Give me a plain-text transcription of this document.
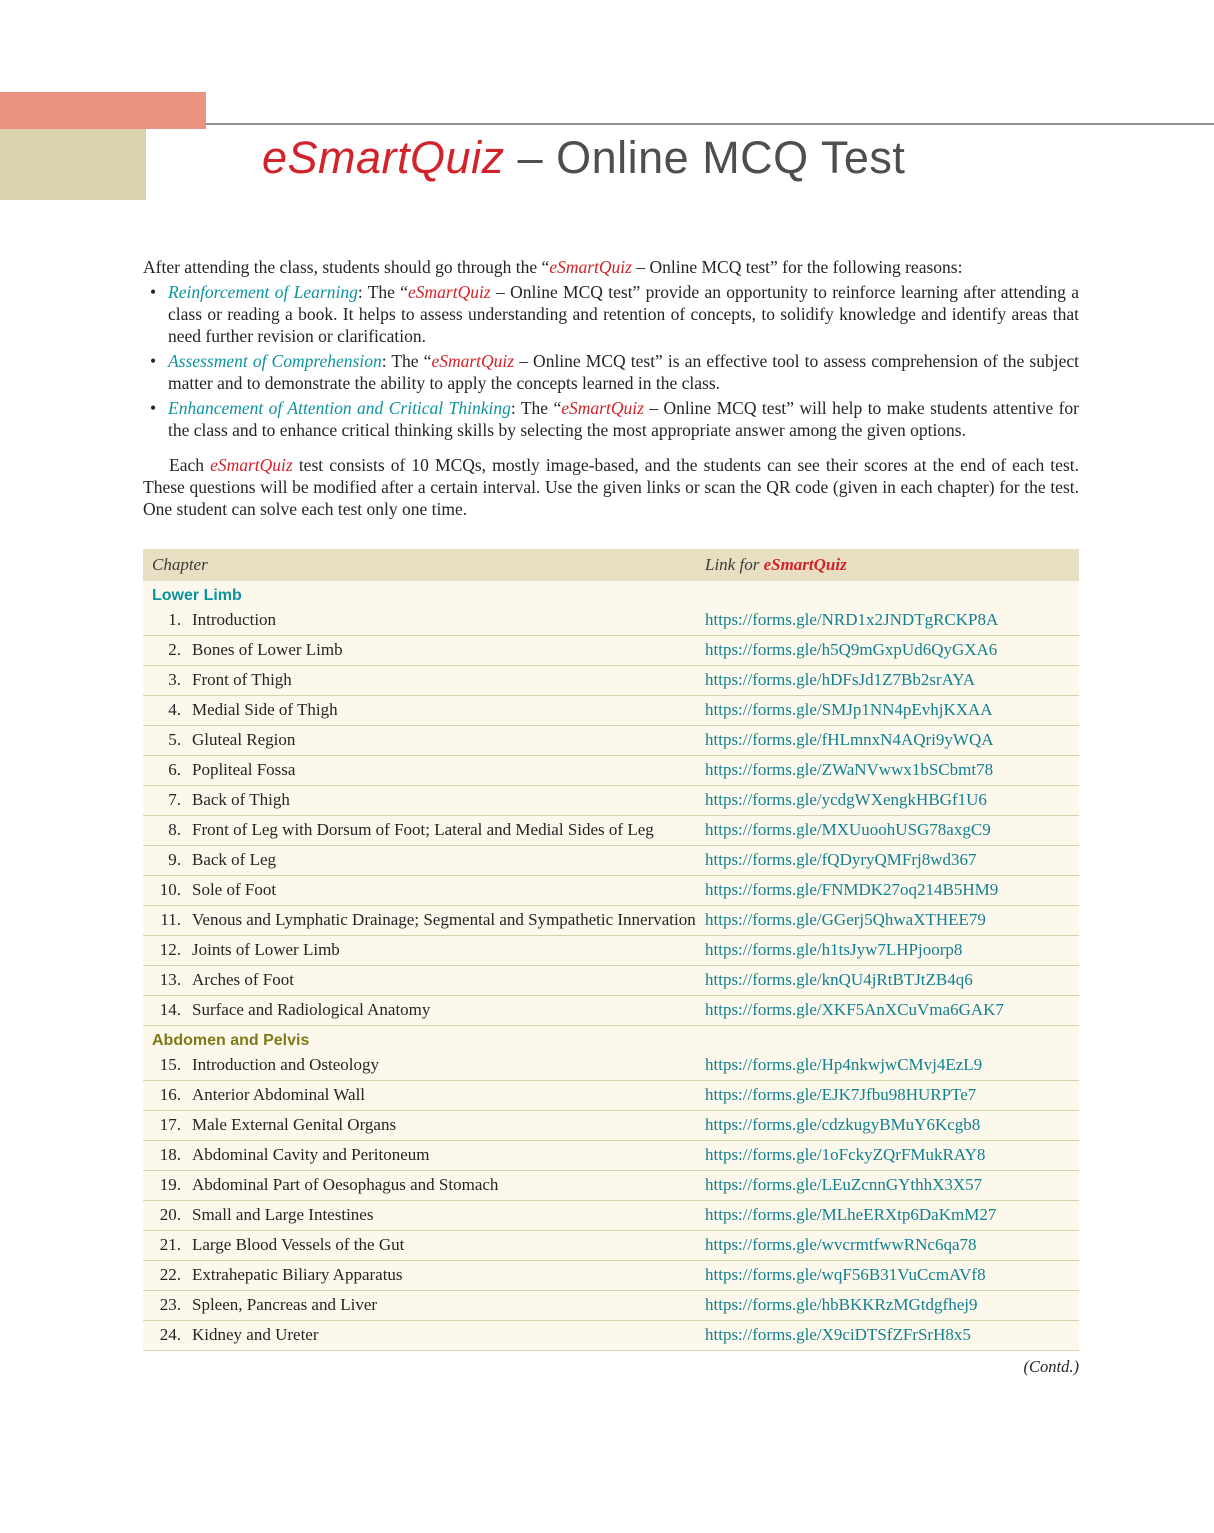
eSmartQuiz – Online MCQ Test

After attending the class, students should go through the “eSmartQuiz – Online MCQ test” for the following reasons:

• Reinforcement of Learning: The “eSmartQuiz – Online MCQ test” provide an opportunity to reinforce learning after attending a class or reading a book. It helps to assess understanding and retention of concepts, to solidify knowledge and identify areas that need further revision or clarification.
• Assessment of Comprehension: The “eSmartQuiz – Online MCQ test” is an effective tool to assess comprehension of the subject matter and to demonstrate the ability to apply the concepts learned in the class.
• Enhancement of Attention and Critical Thinking: The “eSmartQuiz – Online MCQ test” will help to make students attentive for the class and to enhance critical thinking skills by selecting the most appropriate answer among the given options.

Each eSmartQuiz test consists of 10 MCQs, mostly image-based, and the students can see their scores at the end of each test. These questions will be modified after a certain interval. Use the given links or scan the QR code (given in each chapter) for the test. One student can solve each test only one time.

Chapter	Link for eSmartQuiz
Lower Limb	
1. Introduction	https://forms.gle/NRD1x2JNDTgRCKP8A
2. Bones of Lower Limb	https://forms.gle/h5Q9mGxpUd6QyGXA6
3. Front of Thigh	https://forms.gle/hDFsJd1Z7Bb2srAYA
4. Medial Side of Thigh	https://forms.gle/SMJp1NN4pEvhjKXAA
5. Gluteal Region	https://forms.gle/fHLmnxN4AQri9yWQA
6. Popliteal Fossa	https://forms.gle/ZWaNVwwx1bSCbmt78
7. Back of Thigh	https://forms.gle/ycdgWXengkHBGf1U6
8. Front of Leg with Dorsum of Foot; Lateral and Medial Sides of Leg	https://forms.gle/MXUuoohUSG78axgC9
9. Back of Leg	https://forms.gle/fQDyryQMFrj8wd367
10. Sole of Foot	https://forms.gle/FNMDK27oq214B5HM9
11. Venous and Lymphatic Drainage; Segmental and Sympathetic Innervation	https://forms.gle/GGerj5QhwaXTHEE79
12. Joints of Lower Limb	https://forms.gle/h1tsJyw7LHPjoorp8
13. Arches of Foot	https://forms.gle/knQU4jRtBTJtZB4q6
14. Surface and Radiological Anatomy	https://forms.gle/XKF5AnXCuVma6GAK7
Abdomen and Pelvis	
15. Introduction and Osteology	https://forms.gle/Hp4nkwjwCMvj4EzL9
16. Anterior Abdominal Wall	https://forms.gle/EJK7Jfbu98HURPTe7
17. Male External Genital Organs	https://forms.gle/cdzkugyBMuY6Kcgb8
18. Abdominal Cavity and Peritoneum	https://forms.gle/1oFckyZQrFMukRAY8
19. Abdominal Part of Oesophagus and Stomach	https://forms.gle/LEuZcnnGYthhX3X57
20. Small and Large Intestines	https://forms.gle/MLheERXtp6DaKmM27
21. Large Blood Vessels of the Gut	https://forms.gle/wvcrmtfwwRNc6qa78
22. Extrahepatic Biliary Apparatus	https://forms.gle/wqF56B31VuCcmAVf8
23. Spleen, Pancreas and Liver	https://forms.gle/hbBKKRzMGtdgfhej9
24. Kidney and Ureter	https://forms.gle/X9ciDTSfZFrSrH8x5
(Contd.)
